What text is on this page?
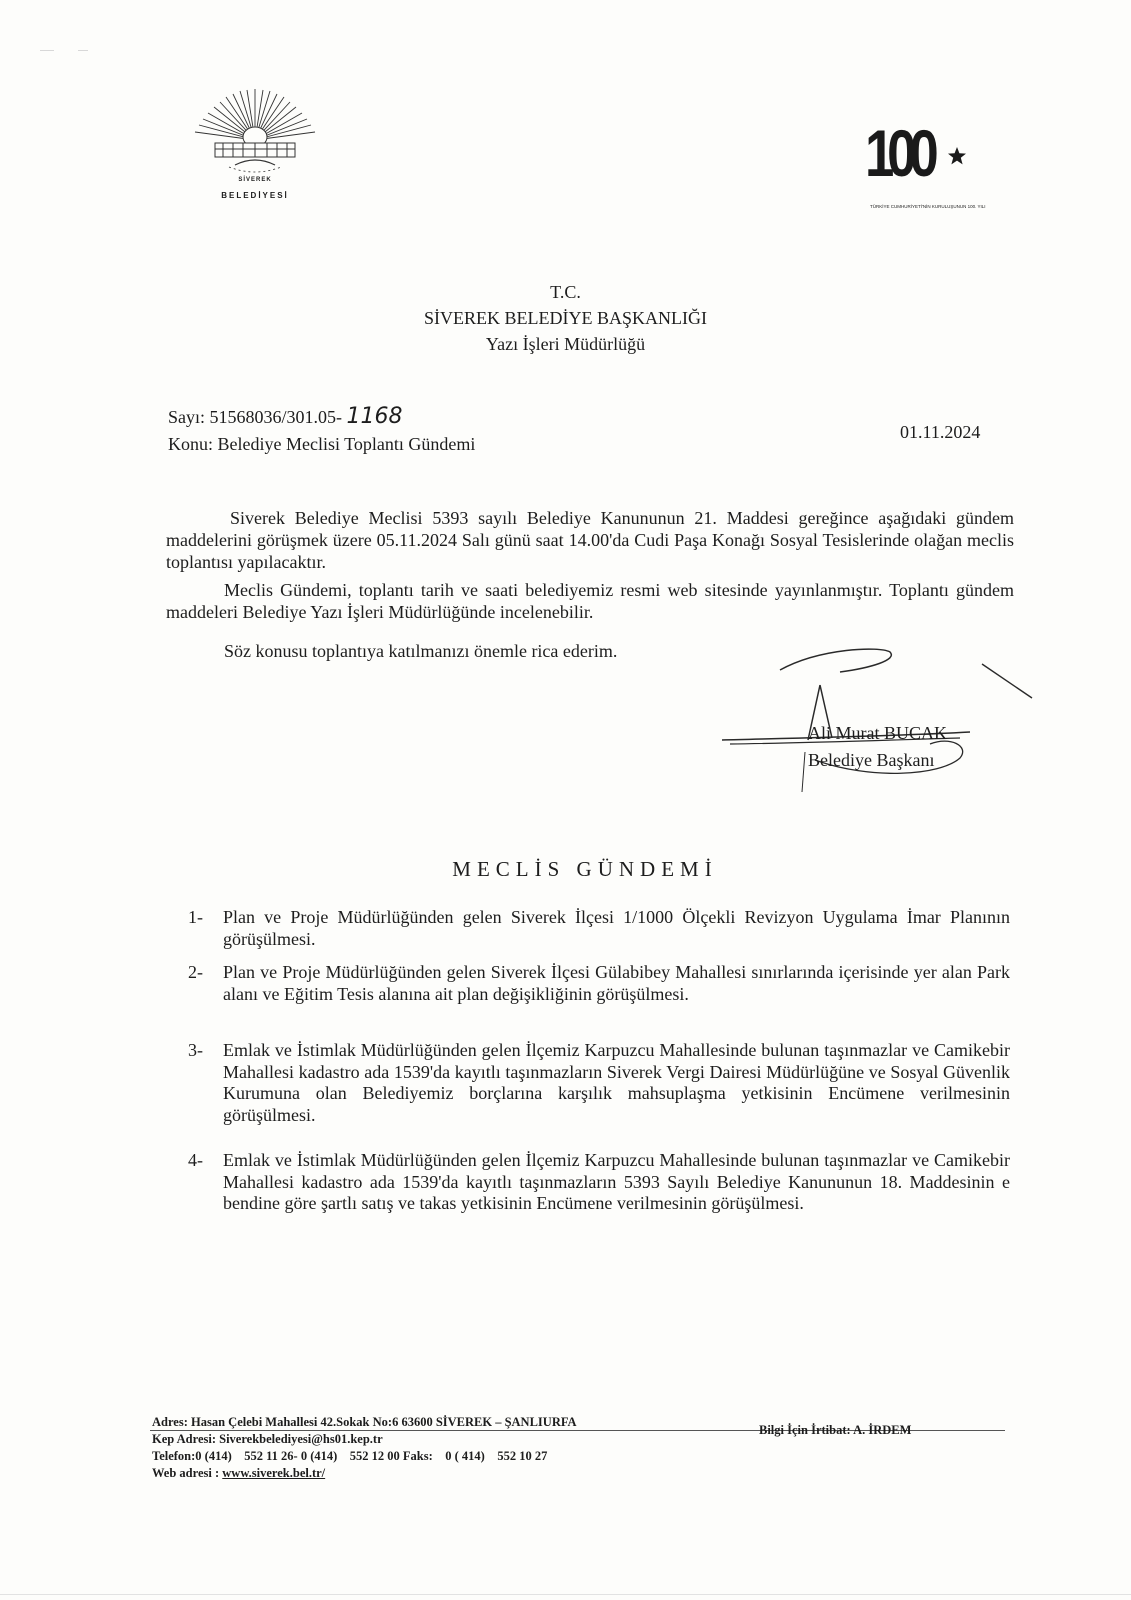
SİVEREK
BELEDİYESİ
100
TÜRKİYE CUMHURİYETİ'NİN KURULUŞUNUN 100. YILI
T.C.
SİVEREK BELEDİYE BAŞKANLIĞI
Yazı İşleri Müdürlüğü
Sayı: 51568036/301.05- 1168
Konu: Belediye Meclisi Toplantı Gündemi
01.11.2024
Siverek Belediye Meclisi 5393 sayılı Belediye Kanununun 21. Maddesi gereğince aşağıdaki gündem maddelerini görüşmek üzere 05.11.2024 Salı günü saat 14.00'da Cudi Paşa Konağı Sosyal Tesislerinde olağan meclis toplantısı yapılacaktır.
Meclis Gündemi, toplantı tarih ve saati belediyemiz resmi web sitesinde yayınlanmıştır. Toplantı gündem maddeleri Belediye Yazı İşleri Müdürlüğünde incelenebilir.
Söz konusu toplantıya katılmanızı önemle rica ederim.
Ali Murat BUCAK
Belediye Başkanı
MECLİS GÜNDEMİ
1- Plan ve Proje Müdürlüğünden gelen Siverek İlçesi 1/1000 Ölçekli Revizyon Uygulama İmar Planının görüşülmesi.
2- Plan ve Proje Müdürlüğünden gelen Siverek İlçesi Gülabibey Mahallesi sınırlarında içerisinde yer alan Park alanı ve Eğitim Tesis alanına ait plan değişikliğinin görüşülmesi.
3- Emlak ve İstimlak Müdürlüğünden gelen İlçemiz Karpuzcu Mahallesinde bulunan taşınmazlar ve Camikebir Mahallesi kadastro ada 1539'da kayıtlı taşınmazların Siverek Vergi Dairesi Müdürlüğüne ve Sosyal Güvenlik Kurumuna olan Belediyemiz borçlarına karşılık mahsuplaşma yetkisinin Encümene verilmesinin görüşülmesi.
4- Emlak ve İstimlak Müdürlüğünden gelen İlçemiz Karpuzcu Mahallesinde bulunan taşınmazlar ve Camikebir Mahallesi kadastro ada 1539'da kayıtlı taşınmazların 5393 Sayılı Belediye Kanununun 18. Maddesinin e bendine göre şartlı satış ve takas yetkisinin Encümene verilmesinin görüşülmesi.
Adres: Hasan Çelebi Mahallesi 42.Sokak No:6 63600 SİVEREK – ŞANLIURFA
Bilgi İçin İrtibat: A. İRDEM
Kep Adresi: Siverekbelediyesi@hs01.kep.tr
Telefon:0 (414)    552 11 26- 0 (414)    552 12 00 Faks:    0 ( 414)    552 10 27
Web adresi : www.siverek.bel.tr/
